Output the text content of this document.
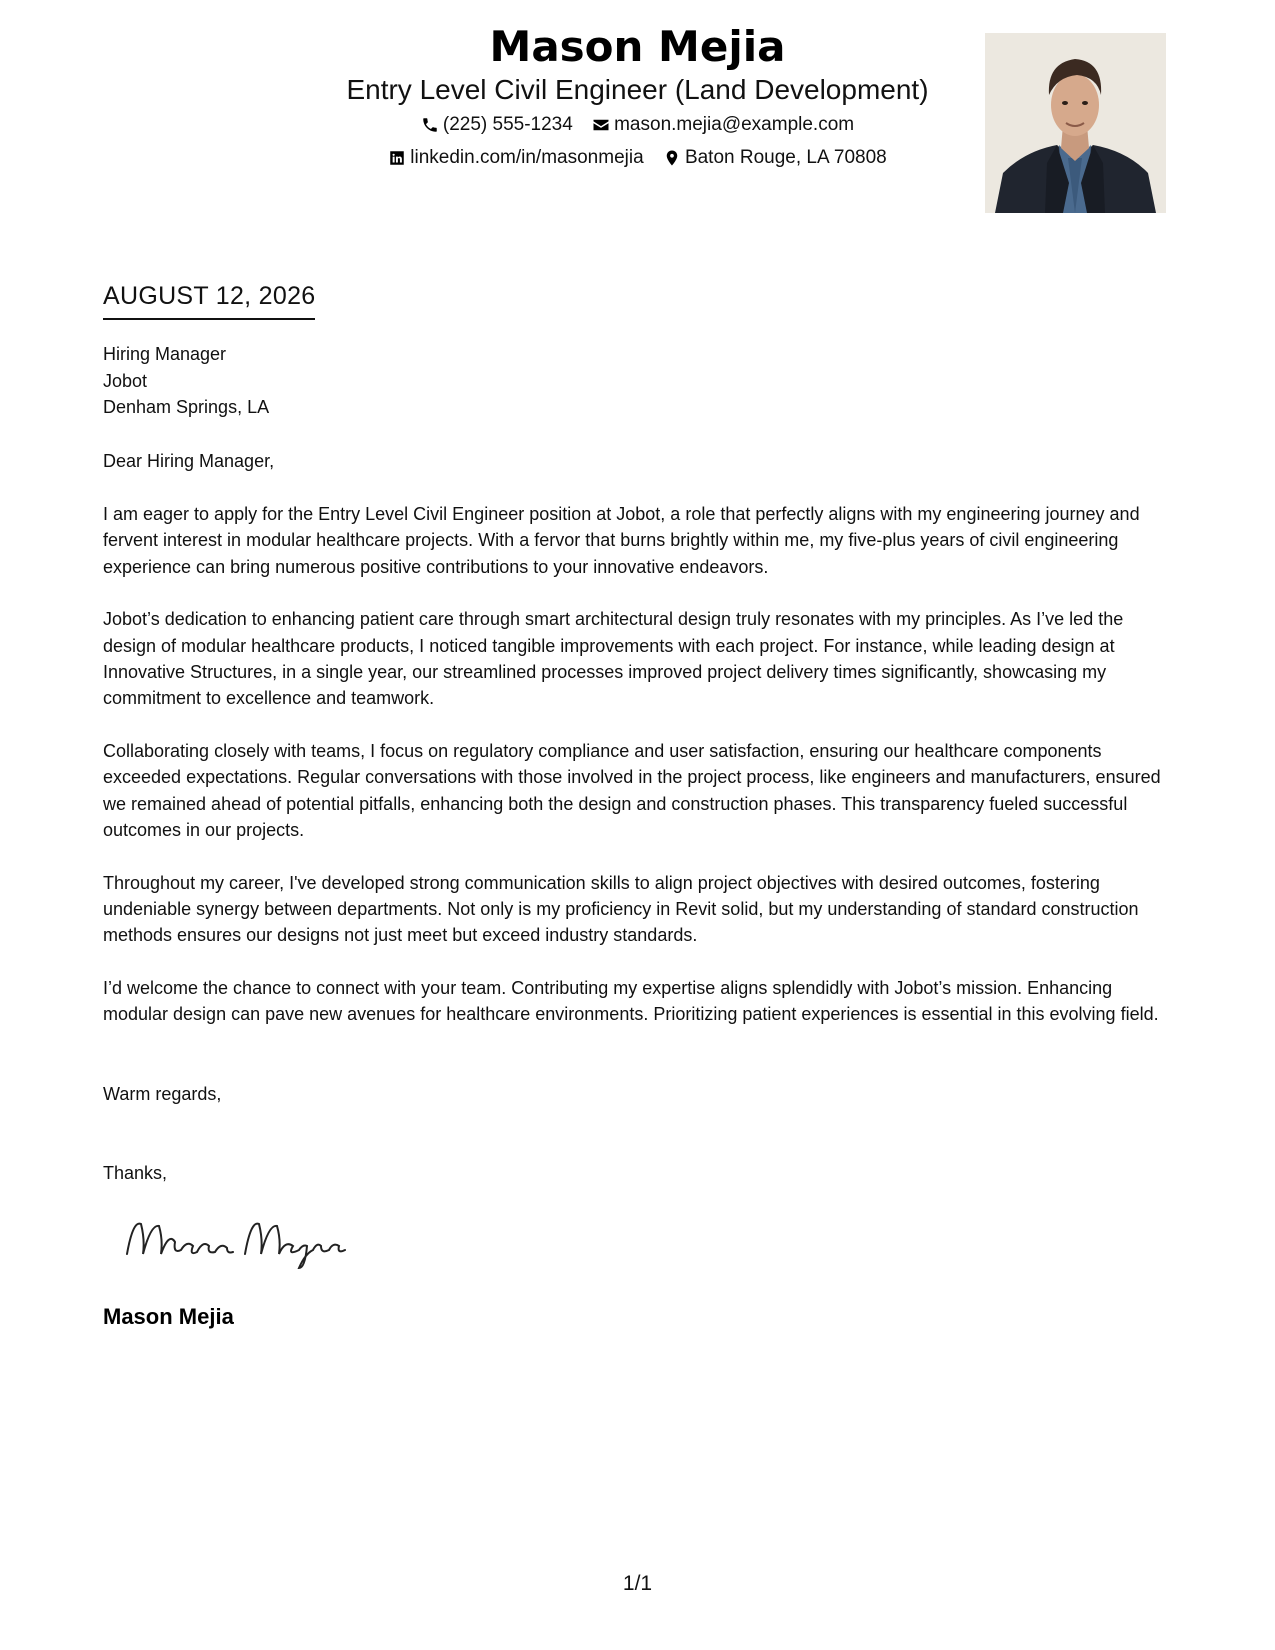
Mason Mejia
Entry Level Civil Engineer (Land Development)
(225) 555-1234
mason.mejia@example.com
linkedin.com/in/masonmejia
Baton Rouge, LA 70808
AUGUST 12, 2026
Hiring Manager
Jobot
Denham Springs, LA
Dear Hiring Manager,

I am eager to apply for the Entry Level Civil Engineer position at Jobot, a role that perfectly aligns with my engineering journey and fervent interest in modular healthcare projects. With a fervor that burns brightly within me, my five-plus years of civil engineering experience can bring numerous positive contributions to your innovative endeavors.

Jobot’s dedication to enhancing patient care through smart architectural design truly resonates with my principles. As I’ve led the design of modular healthcare products, I noticed tangible improvements with each project. For instance, while leading design at Innovative Structures, in a single year, our streamlined processes improved project delivery times significantly, showcasing my commitment to excellence and teamwork.

Collaborating closely with teams, I focus on regulatory compliance and user satisfaction, ensuring our healthcare components exceeded expectations. Regular conversations with those involved in the project process, like engineers and manufacturers, ensured we remained ahead of potential pitfalls, enhancing both the design and construction phases. This transparency fueled successful outcomes in our projects.

Throughout my career, I've developed strong communication skills to align project objectives with desired outcomes, fostering undeniable synergy between departments. Not only is my proficiency in Revit solid, but my understanding of standard construction methods ensures our designs not just meet but exceed industry standards.

I’d welcome the chance to connect with your team. Contributing my expertise aligns splendidly with Jobot’s mission. Enhancing modular design can pave new avenues for healthcare environments. Prioritizing patient experiences is essential in this evolving field.

Warm regards,
Thanks,
Mason Mejia
1/1
